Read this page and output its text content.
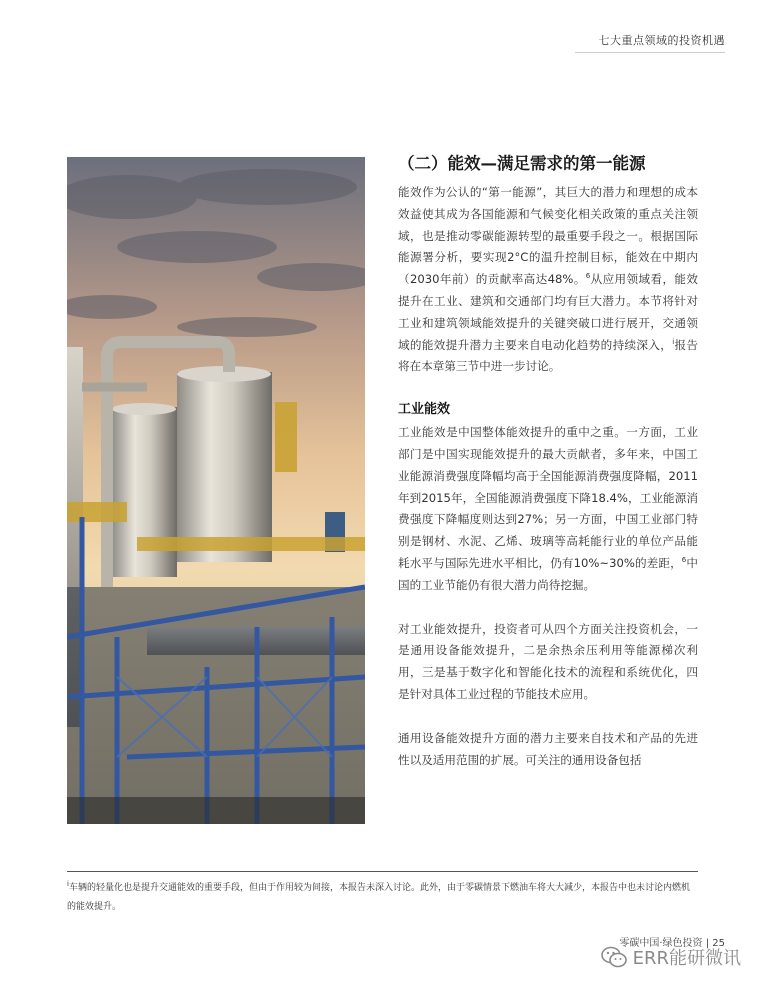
七大重点领域的投资机遇
（二）能效—满足需求的第一能源

能效作为公认的“第一能源”，其巨大的潜力和理想的成本效益使其成为各国能源和气候变化相关政策的重点关注领域，也是推动零碳能源转型的最重要手段之一。根据国际能源署分析，要实现2°C的温升控制目标，能效在中期内（2030年前）的贡献率高达48%。$^6$从应用领域看，能效提升在工业、建筑和交通部门均有巨大潜力。本节将针对工业和建筑领域能效提升的关键突破口进行展开，交通领域的能效提升潜力主要来自电动化趋势的持续深入，$^i$报告将在本章第三节中进一步讨论。

工业能效

工业能效是中国整体能效提升的重中之重。一方面，工业部门是中国实现能效提升的最大贡献者，多年来，中国工业能源消费强度降幅均高于全国能源消费强度降幅，2011年到2015年，全国能源消费强度下降18.4%，工业能源消费强度下降幅度则达到27%；另一方面，中国工业部门特别是钢材、水泥、乙烯、玻璃等高耗能行业的单位产品能耗水平与国际先进水平相比，仍有10%~30%的差距，$^6$中国的工业节能仍有很大潜力尚待挖掘。

对工业能效提升，投资者可从四个方面关注投资机会，一是通用设备能效提升，二是余热余压利用等能源梯次利用，三是基于数字化和智能化技术的流程和系统优化，四是针对具体工业过程的节能技术应用。

通用设备能效提升方面的潜力主要来自技术和产品的先进性以及适用范围的扩展。可关注的通用设备包括

$^i$车辆的轻量化也是提升交通能效的重要手段，但由于作用较为间接，本报告未深入讨论。此外，由于零碳情景下燃油车将大大减少，本报告中也未讨论内燃机的能效提升。
零碳中国·绿色投资 | 25
ERR能研微讯
